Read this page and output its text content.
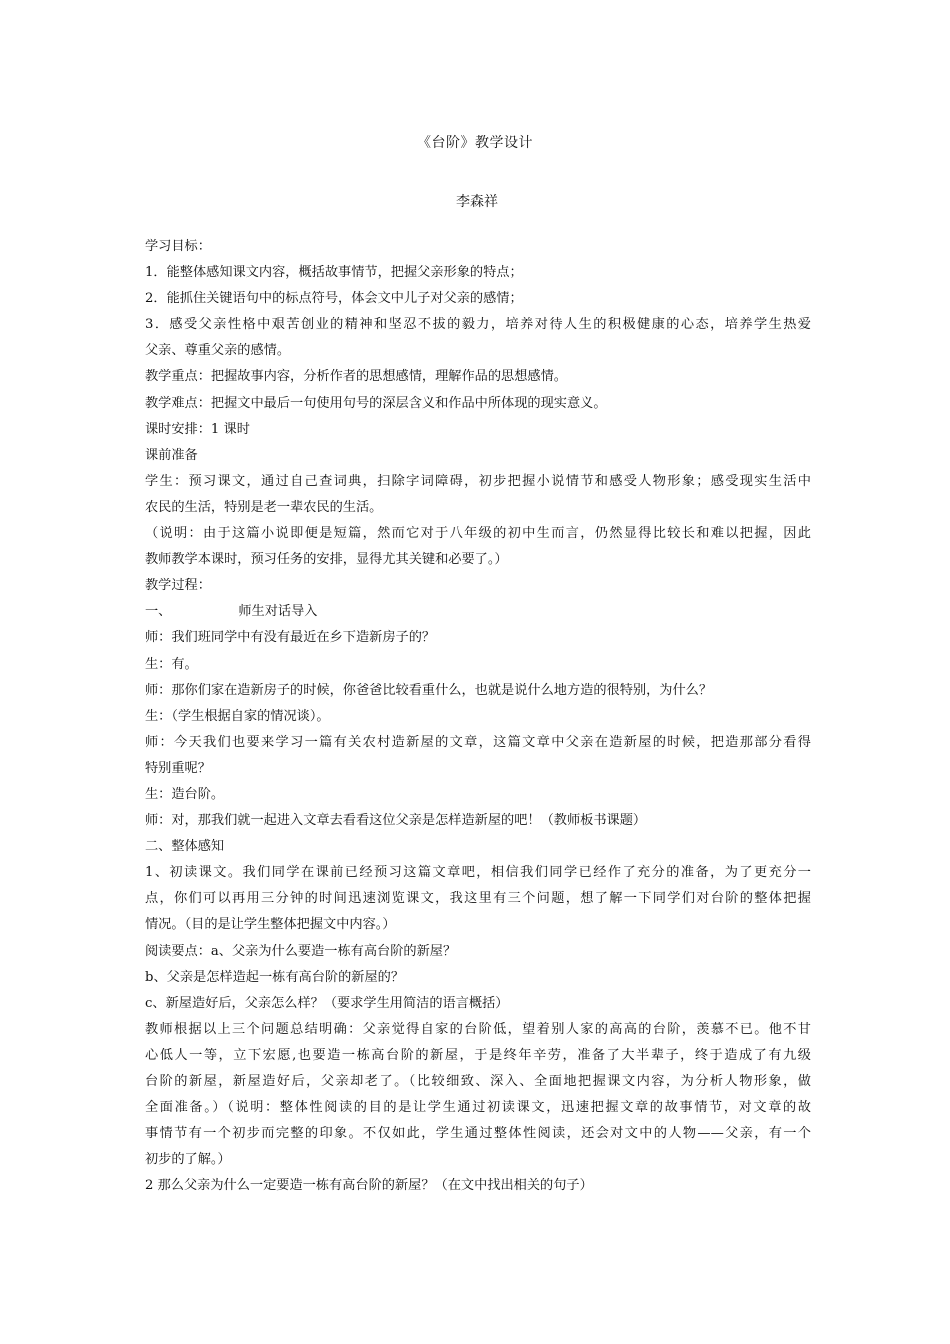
《台阶》教学设计
李森祥
学习目标：
1．能整体感知课文内容，概括故事情节，把握父亲形象的特点；
2．能抓住关键语句中的标点符号，体会文中儿子对父亲的感情；
3．感受父亲性格中艰苦创业的精神和坚忍不拔的毅力，培养对待人生的积极健康的心态，培养学生热爱
父亲、尊重父亲的感情。
教学重点：把握故事内容，分析作者的思想感情，理解作品的思想感情。
教学难点：把握文中最后一句使用句号的深层含义和作品中所体现的现实意义。
课时安排：1 课时
课前准备
学生：预习课文，通过自己查词典，扫除字词障碍，初步把握小说情节和感受人物形象；感受现实生活中
农民的生活，特别是老一辈农民的生活。
（说明：由于这篇小说即便是短篇，然而它对于八年级的初中生而言，仍然显得比较长和难以把握，因此
教师教学本课时，预习任务的安排，显得尤其关键和必要了。）
教学过程：
一、	师生对话导入
师：我们班同学中有没有最近在乡下造新房子的？
生：有。
师：那你们家在造新房子的时候，你爸爸比较看重什么，也就是说什么地方造的很特别，为什么？
生：（学生根据自家的情况谈）。
师：今天我们也要来学习一篇有关农村造新屋的文章，这篇文章中父亲在造新屋的时候，把造那部分看得
特别重呢？
生：造台阶。
师：对，那我们就一起进入文章去看看这位父亲是怎样造新屋的吧！（教师板书课题）
二、整体感知
1、初读课文。我们同学在课前已经预习这篇文章吧，相信我们同学已经作了充分的准备，为了更充分一
点，你们可以再用三分钟的时间迅速浏览课文，我这里有三个问题，想了解一下同学们对台阶的整体把握
情况。（目的是让学生整体把握文中内容。）
阅读要点：a、父亲为什么要造一栋有高台阶的新屋？
b、父亲是怎样造起一栋有高台阶的新屋的？
c、新屋造好后，父亲怎么样？（要求学生用简洁的语言概括）
教师根据以上三个问题总结明确：父亲觉得自家的台阶低，望着别人家的高高的台阶，羡慕不已。他不甘
心低人一等，立下宏愿,也要造一栋高台阶的新屋，于是终年辛劳，准备了大半辈子，终于造成了有九级
台阶的新屋，新屋造好后，父亲却老了。（比较细致、深入、全面地把握课文内容，为分析人物形象，做
全面准备。）（说明：整体性阅读的目的是让学生通过初读课文，迅速把握文章的故事情节，对文章的故
事情节有一个初步而完整的印象。不仅如此，学生通过整体性阅读，还会对文中的人物——父亲，有一个
初步的了解。）
2 那么父亲为什么一定要造一栋有高台阶的新屋？（在文中找出相关的句子）
